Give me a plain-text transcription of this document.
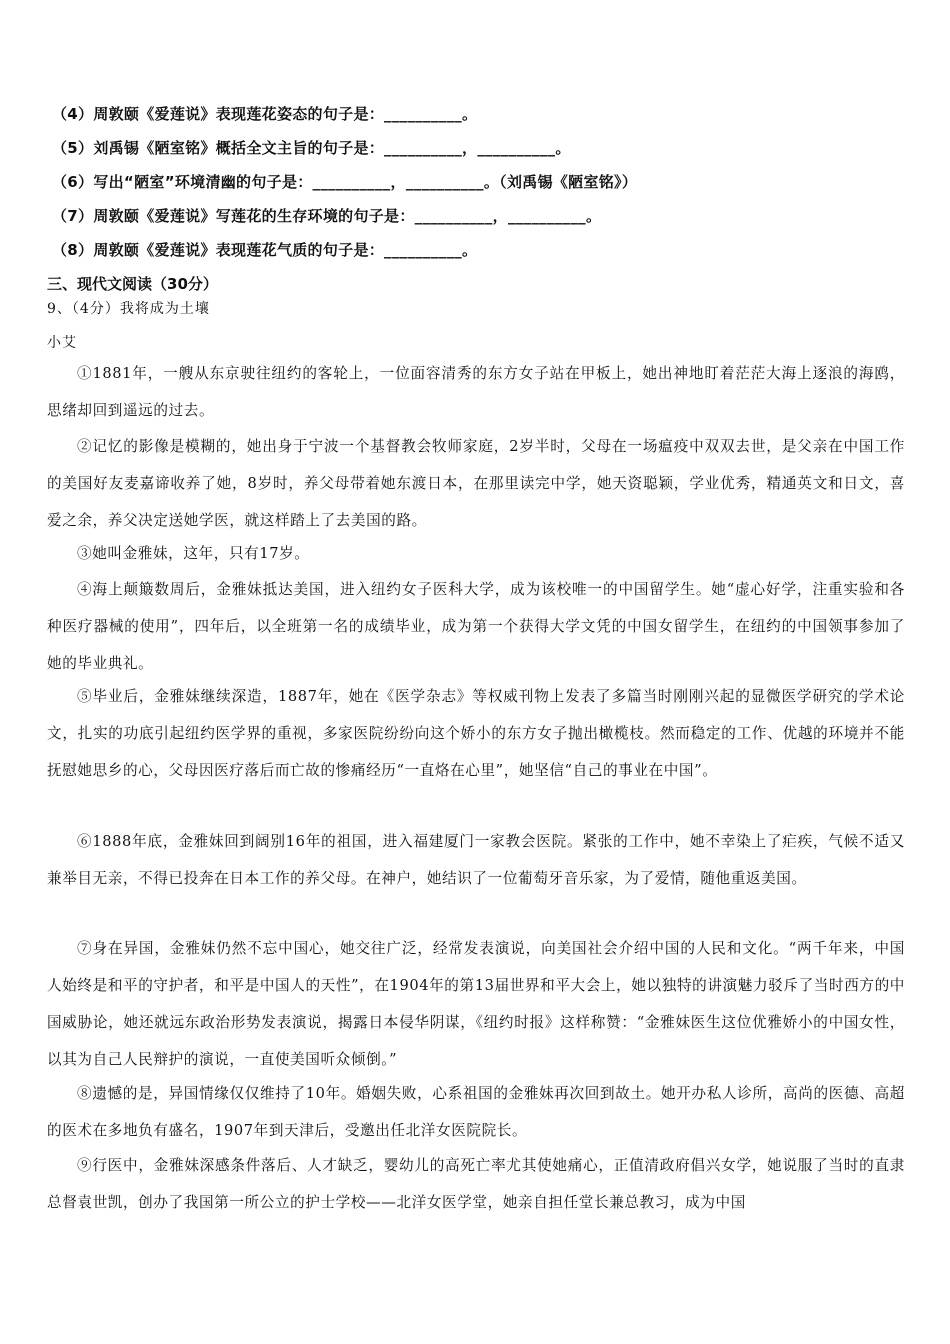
（4）周敦颐《爱莲说》表现莲花姿态的句子是：__________。
（5）刘禹锡《陋室铭》概括全文主旨的句子是：__________，__________。
（6）写出“陋室”环境清幽的句子是：__________，__________。（刘禹锡《陋室铭》）
（7）周敦颐《爱莲说》写莲花的生存环境的句子是：__________，__________。
（8）周敦颐《爱莲说》表现莲花气质的句子是：__________。
三、现代文阅读（30分）
9、（4分）我将成为土壤
小艾

①1881年，一艘从东京驶往纽约的客轮上，一位面容清秀的东方女子站在甲板上，她出神地盯着茫茫大海上逐浪的海鸥，思绪却回到遥远的过去。

②记忆的影像是模糊的，她出身于宁波一个基督教会牧师家庭，2岁半时，父母在一场瘟疫中双双去世，是父亲在中国工作的美国好友麦嘉谛收养了她，8岁时，养父母带着她东渡日本，在那里读完中学，她天资聪颖，学业优秀，精通英文和日文，喜爱之余，养父决定送她学医，就这样踏上了去美国的路。

③她叫金雅妹，这年，只有17岁。

④海上颠簸数周后，金雅妹抵达美国，进入纽约女子医科大学，成为该校唯一的中国留学生。她“虚心好学，注重实验和各种医疗器械的使用”，四年后，以全班第一名的成绩毕业，成为第一个获得大学文凭的中国女留学生，在纽约的中国领事参加了她的毕业典礼。

⑤毕业后，金雅妹继续深造，1887年，她在《医学杂志》等权威刊物上发表了多篇当时刚刚兴起的显微医学研究的学术论文，扎实的功底引起纽约医学界的重视，多家医院纷纷向这个娇小的东方女子抛出橄榄枝。然而稳定的工作、优越的环境并不能抚慰她思乡的心，父母因医疗落后而亡故的惨痛经历“一直烙在心里”，她坚信“自己的事业在中国”。

⑥1888年底，金雅妹回到阔别16年的祖国，进入福建厦门一家教会医院。紧张的工作中，她不幸染上了疟疾，气候不适又兼举目无亲，不得已投奔在日本工作的养父母。在神户，她结识了一位葡萄牙音乐家，为了爱情，随他重返美国。

⑦身在异国，金雅妹仍然不忘中国心，她交往广泛，经常发表演说，向美国社会介绍中国的人民和文化。“两千年来，中国人始终是和平的守护者，和平是中国人的天性”，在1904年的第13届世界和平大会上，她以独特的讲演魅力驳斥了当时西方的中国威胁论，她还就远东政治形势发表演说，揭露日本侵华阴谋，《纽约时报》这样称赞：“金雅妹医生这位优雅娇小的中国女性，以其为自己人民辩护的演说，一直使美国听众倾倒。”

⑧遗憾的是，异国情缘仅仅维持了10年。婚姻失败，心系祖国的金雅妹再次回到故土。她开办私人诊所，高尚的医德、高超的医术在多地负有盛名，1907年到天津后，受邀出任北洋女医院院长。

⑨行医中，金雅妹深感条件落后、人才缺乏，婴幼儿的高死亡率尤其使她痛心，正值清政府倡兴女学，她说服了当时的直隶总督袁世凯，创办了我国第一所公立的护士学校——北洋女医学堂，她亲自担任堂长兼总教习，成为中国
